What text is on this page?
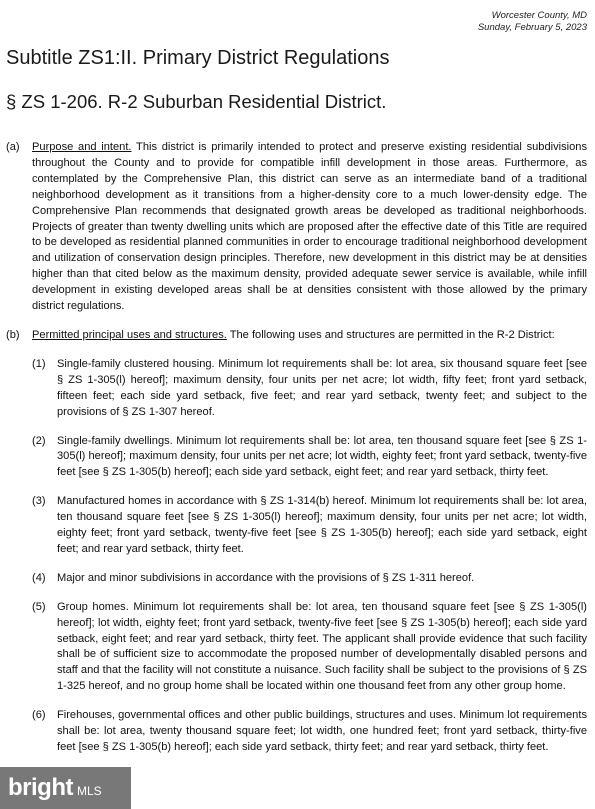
Worcester County, MD
Sunday, February 5, 2023
Subtitle ZS1:II. Primary District Regulations
§ ZS 1-206. R-2 Suburban Residential District.
(a)	Purpose and intent. This district is primarily intended to protect and preserve existing residential subdivisions throughout the County and to provide for compatible infill development in those areas. Furthermore, as contemplated by the Comprehensive Plan, this district can serve as an intermediate band of a traditional neighborhood development as it transitions from a higher-density core to a much lower-density edge. The Comprehensive Plan recommends that designated growth areas be developed as traditional neighborhoods. Projects of greater than twenty dwelling units which are proposed after the effective date of this Title are required to be developed as residential planned communities in order to encourage traditional neighborhood development and utilization of conservation design principles. Therefore, new development in this district may be at densities higher than that cited below as the maximum density, provided adequate sewer service is available, while infill development in existing developed areas shall be at densities consistent with those allowed by the primary district regulations.
(b)	Permitted principal uses and structures. The following uses and structures are permitted in the R-2 District:
(1)	Single-family clustered housing. Minimum lot requirements shall be: lot area, six thousand square feet [see § ZS 1-305(l) hereof]; maximum density, four units per net acre; lot width, fifty feet; front yard setback, fifteen feet; each side yard setback, five feet; and rear yard setback, twenty feet; and subject to the provisions of § ZS 1-307 hereof.
(2)	Single-family dwellings. Minimum lot requirements shall be: lot area, ten thousand square feet [see § ZS 1-305(l) hereof]; maximum density, four units per net acre; lot width, eighty feet; front yard setback, twenty-five feet [see § ZS 1-305(b) hereof]; each side yard setback, eight feet; and rear yard setback, thirty feet.
(3)	Manufactured homes in accordance with § ZS 1-314(b) hereof. Minimum lot requirements shall be: lot area, ten thousand square feet [see § ZS 1-305(l) hereof]; maximum density, four units per net acre; lot width, eighty feet; front yard setback, twenty-five feet [see § ZS 1-305(b) hereof]; each side yard setback, eight feet; and rear yard setback, thirty feet.
(4)	Major and minor subdivisions in accordance with the provisions of § ZS 1-311 hereof.
(5)	Group homes. Minimum lot requirements shall be: lot area, ten thousand square feet [see § ZS 1-305(l) hereof]; lot width, eighty feet; front yard setback, twenty-five feet [see § ZS 1-305(b) hereof]; each side yard setback, eight feet; and rear yard setback, thirty feet. The applicant shall provide evidence that such facility shall be of sufficient size to accommodate the proposed number of developmentally disabled persons and staff and that the facility will not constitute a nuisance. Such facility shall be subject to the provisions of § ZS 1-325 hereof, and no group home shall be located within one thousand feet from any other group home.
(6)	Firehouses, governmental offices and other public buildings, structures and uses. Minimum lot requirements shall be: lot area, twenty thousand square feet; lot width, one hundred feet; front yard setback, thirty-five feet [see § ZS 1-305(b) hereof]; each side yard setback, thirty feet; and rear yard setback, thirty feet.
bright MLS
